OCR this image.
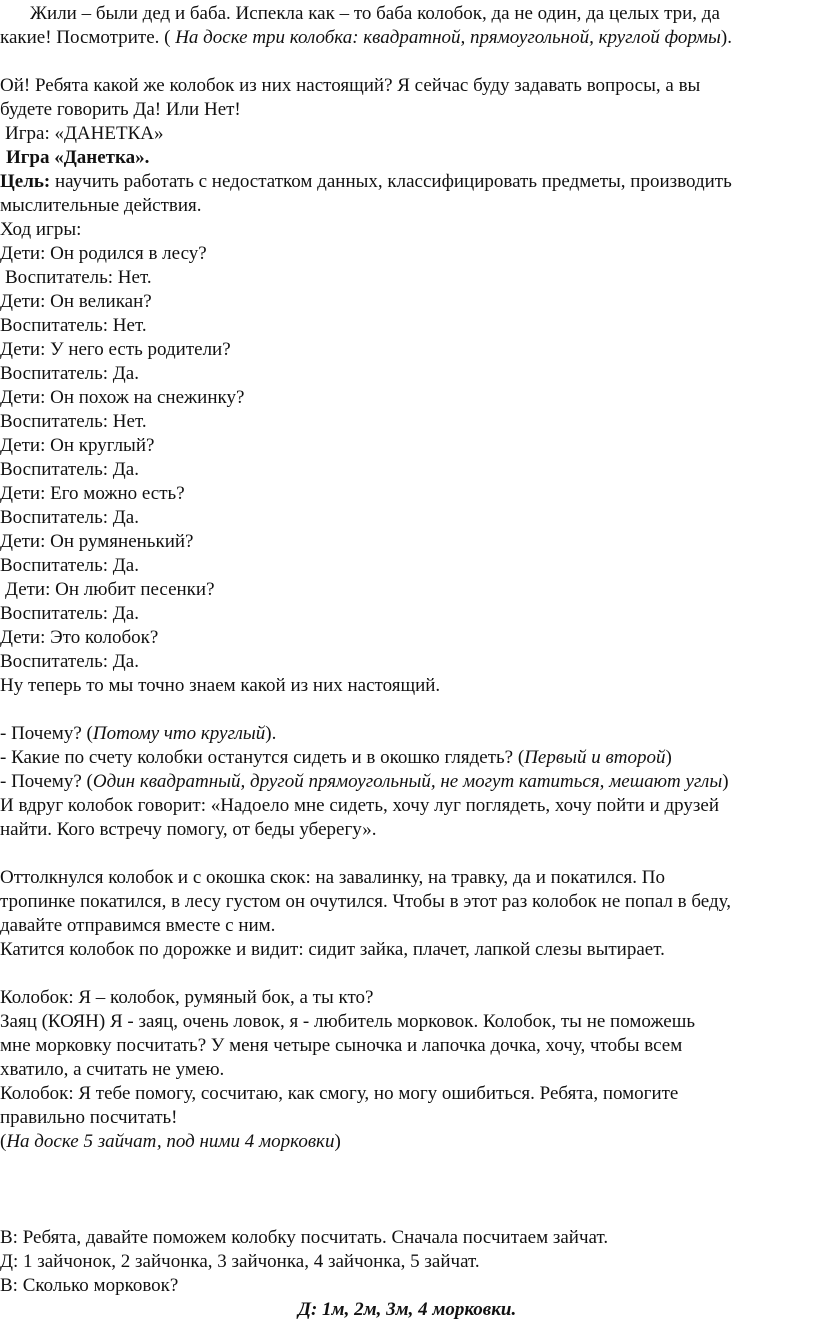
Жили – были дед и баба. Испекла как – то баба колобок, да не один, да целых три, да
какие! Посмотрите. ( На доске три колобка: квадратной, прямоугольной, круглой формы).
Ой! Ребята какой же колобок из них настоящий? Я сейчас буду задавать вопросы, а вы
будете говорить Да! Или Нет!
Игра: «ДАНЕТКА»
Игра «Данетка».
Цель: научить работать с недостатком данных, классифицировать предметы, производить
мыслительные действия.
Ход игры:
Дети: Он родился в лесу?
Воспитатель: Нет.
Дети: Он великан?
Воспитатель: Нет.
Дети: У него есть родители?
Воспитатель: Да.
Дети: Он похож на снежинку?
Воспитатель: Нет.
Дети: Он круглый?
Воспитатель: Да.
Дети: Его можно есть?
Воспитатель: Да.
Дети: Он румяненький?
Воспитатель: Да.
Дети: Он любит песенки?
Воспитатель: Да.
Дети: Это колобок?
Воспитатель: Да.
Ну теперь то мы точно знаем какой из них настоящий.
- Почему? (Потому что круглый).
- Какие по счету колобки останутся сидеть и в окошко глядеть? (Первый и второй)
- Почему? (Один квадратный, другой прямоугольный, не могут катиться, мешают углы)
И вдруг колобок говорит: «Надоело мне сидеть, хочу луг поглядеть, хочу пойти и друзей
найти. Кого встречу помогу, от беды уберегу».
Оттолкнулся колобок и с окошка скок: на завалинку, на травку, да и покатился. По
тропинке покатился, в лесу густом он очутился. Чтобы в этот раз колобок не попал в беду,
давайте отправимся вместе с ним.
Катится колобок по дорожке и видит: сидит зайка, плачет, лапкой слезы вытирает.
Колобок: Я – колобок, румяный бок, а ты кто?
Заяц (КОЯН) Я - заяц, очень ловок, я - любитель морковок. Колобок, ты не поможешь
мне морковку посчитать? У меня четыре сыночка и лапочка дочка, хочу, чтобы всем
хватило, а считать не умею.
Колобок: Я тебе помогу, сосчитаю, как смогу, но могу ошибиться. Ребята, помогите
правильно посчитать!
(На доске 5 зайчат, под ними 4 морковки)
В: Ребята, давайте поможем колобку посчитать. Сначала посчитаем зайчат.
Д: 1 зайчонок, 2 зайчонка, 3 зайчонка, 4 зайчонка, 5 зайчат.
В: Сколько морковок?
Д: 1м, 2м, 3м, 4 морковки.
